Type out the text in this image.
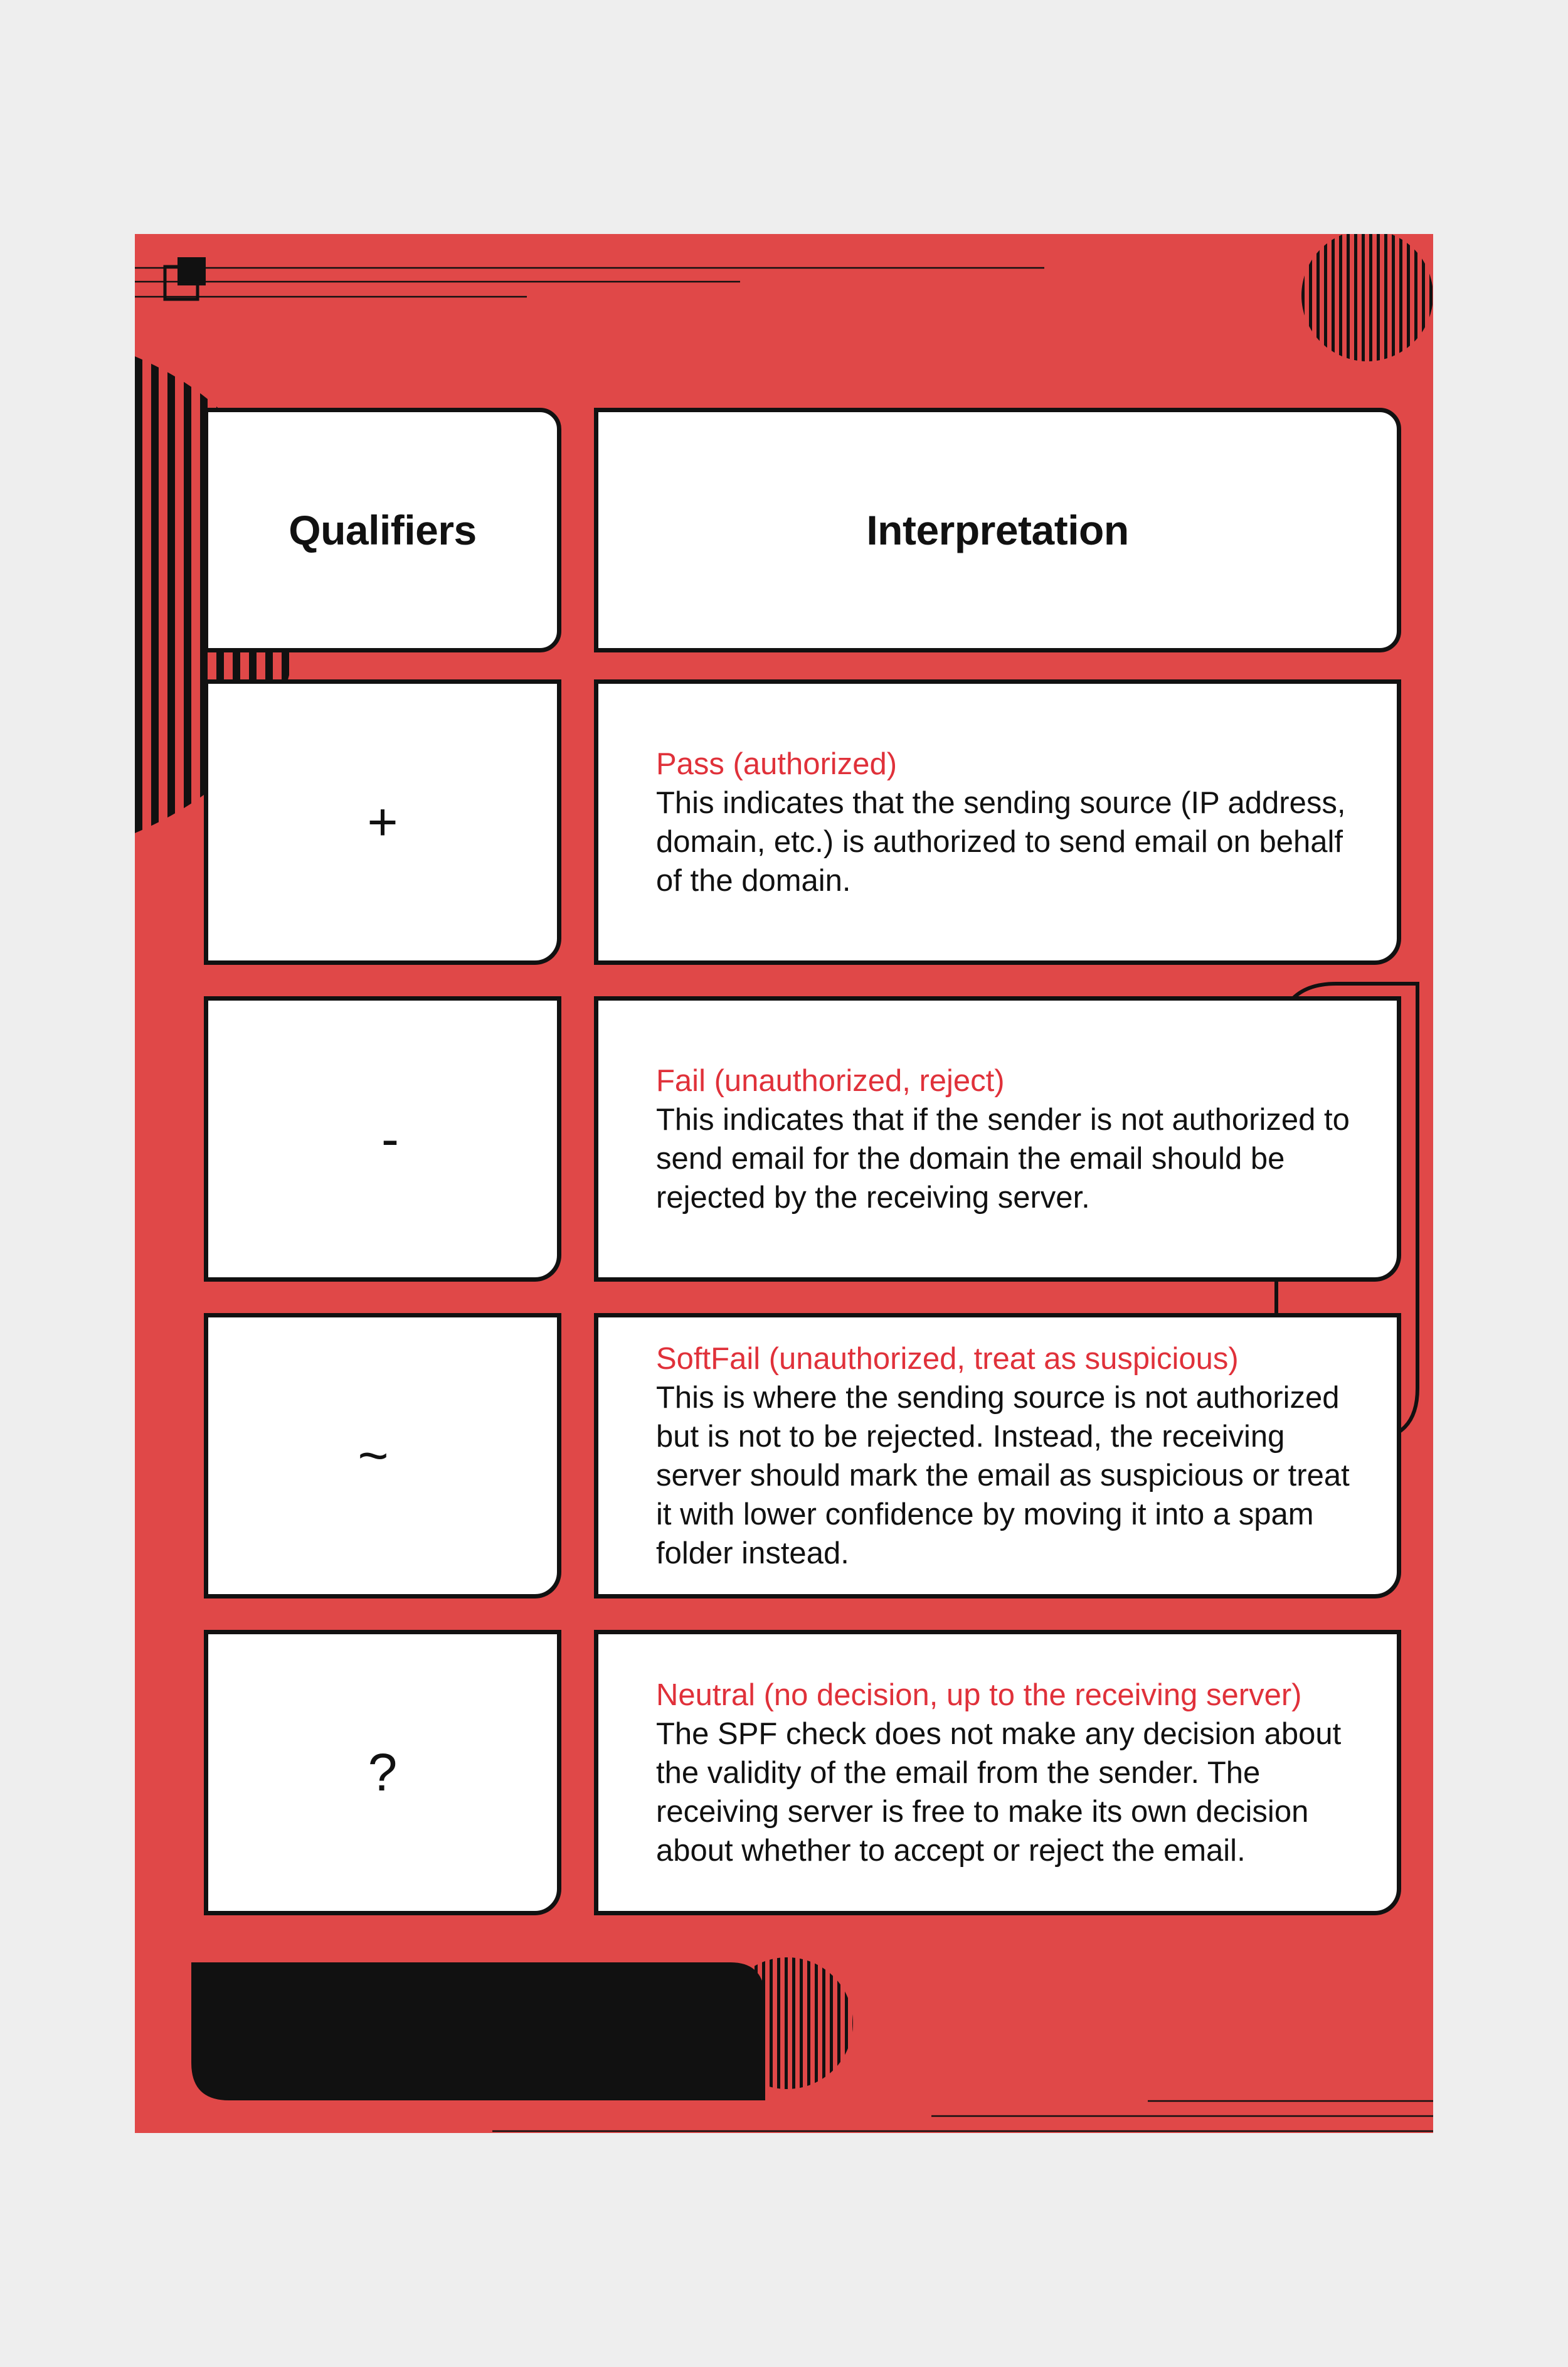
Qualifiers	Interpretation
+
Pass (authorized)
This indicates that the sending source (IP address, domain, etc.) is authorized to send email on behalf of the domain.
-
Fail (unauthorized, reject)
This indicates that if the sender is not authorized to send email for the domain the email should be rejected by the receiving server.
~
SoftFail (unauthorized, treat as suspicious)
This is where the sending source is not authorized but is not to be rejected. Instead, the receiving server should mark the email as suspicious or treat it with lower confidence by moving it into a spam folder instead.
?
Neutral (no decision, up to the receiving server)
The SPF check does not make any decision about the validity of the email from the sender. The receiving server is free to make its own decision about whether to accept or reject the email.
